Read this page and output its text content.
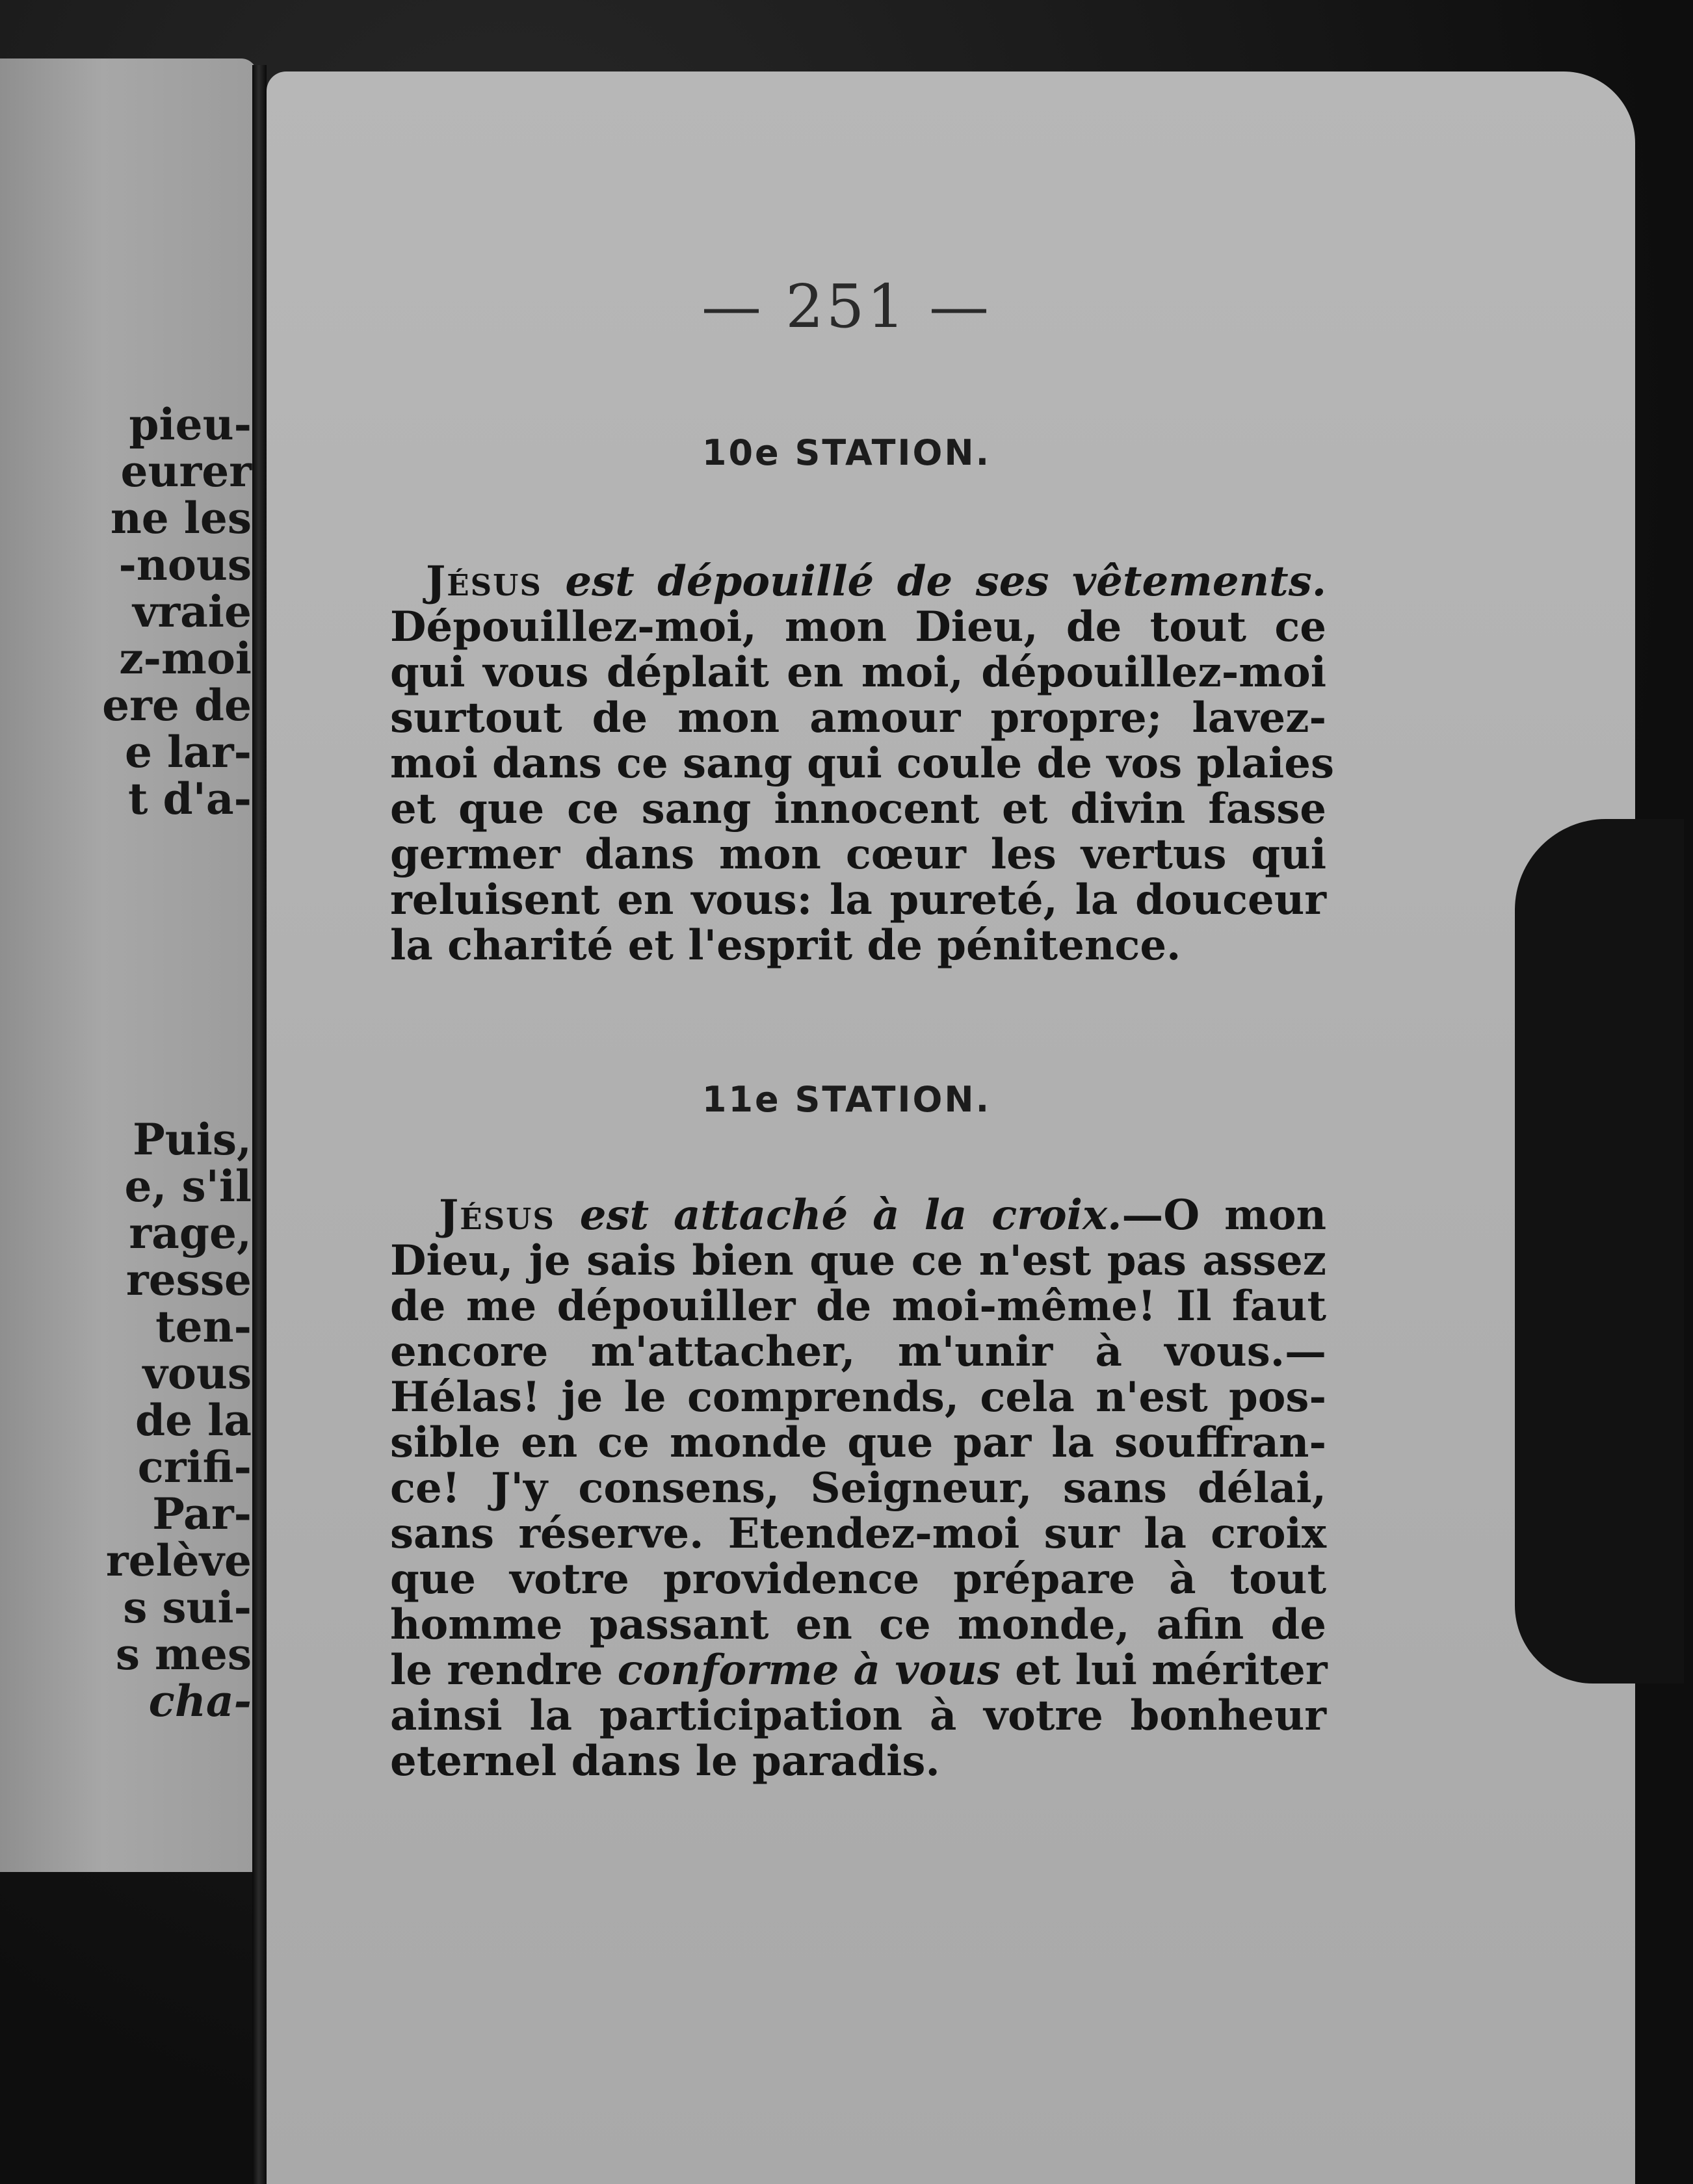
pieu-
eurer
ne les
-nous
vraie
z-moi
ere de
e lar-
t d'a-
Puis,
e, s'il
rage,
resse
ten-
vous
de la
crifi-
Par-
relève
s sui-
s mes
cha-
— 251 —
10e STATION.
Jésus est dépouillé de ses vêtements.
Dépouillez-moi, mon Dieu, de tout ce
qui vous déplait en moi, dépouillez-moi
surtout de mon amour propre; lavez-
moi dans ce sang qui coule de vos plaies
et que ce sang innocent et divin fasse
germer dans mon cœur les vertus qui
reluisent en vous: la pureté, la douceur
la charité et l'esprit de pénitence.
11e STATION.
Jésus est attaché à la croix.—O mon
Dieu, je sais bien que ce n'est pas assez
de me dépouiller de moi-même! Il faut
encore m'attacher, m'unir à vous.—
Hélas! je le comprends, cela n'est pos-
sible en ce monde que par la souffran-
ce! J'y consens, Seigneur, sans délai,
sans réserve. Etendez-moi sur la croix
que votre providence prépare à tout
homme passant en ce monde, afin de
le rendre conforme à vous et lui mériter
ainsi la participation à votre bonheur
eternel dans le paradis.
